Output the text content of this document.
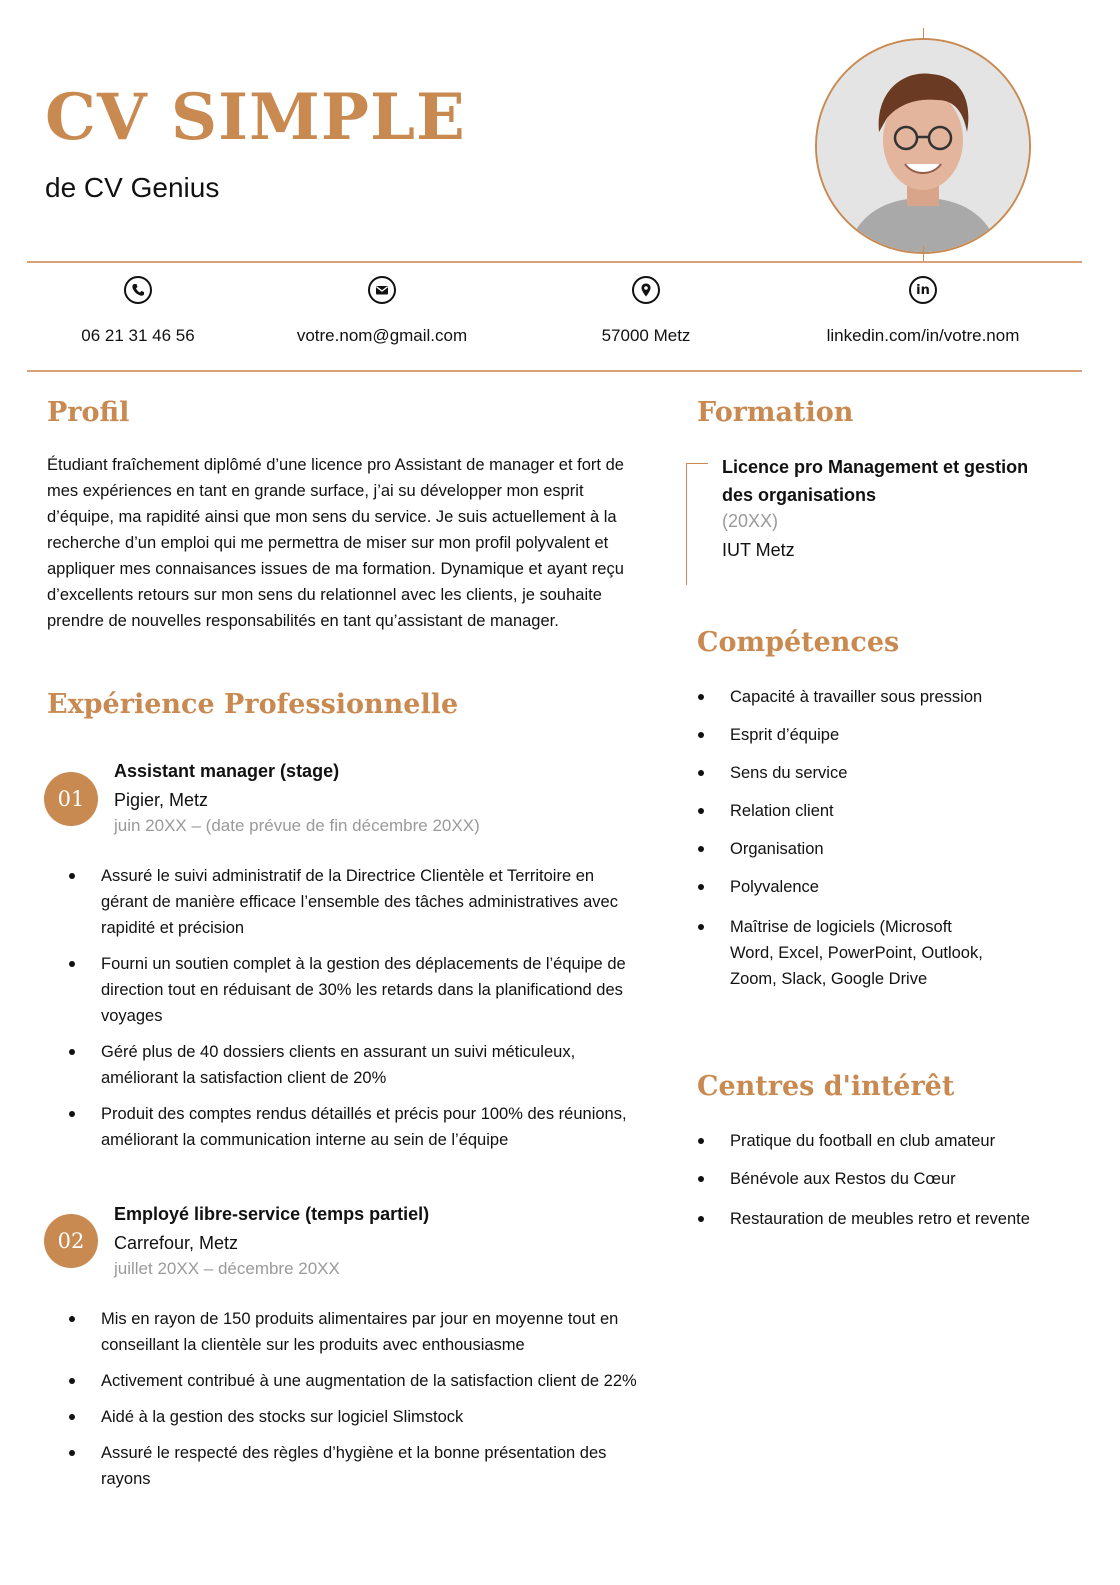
CV SIMPLE
de CV Genius
06 21 31 46 56	votre.nom@gmail.com	57000 Metz
in
linkedin.com/in/votre.nom
Profil

Étudiant fraîchement diplômé d’une licence pro Assistant de manager et fort de mes expériences en tant en grande surface, j’ai su développer mon esprit d’équipe, ma rapidité ainsi que mon sens du service. Je suis actuellement à la recherche d’un emploi qui me permettra de miser sur mon profil polyvalent et appliquer mes connaisances issues de ma formation. Dynamique et ayant reçu d’excellents retours sur mon sens du relationnel avec les clients, je souhaite prendre de nouvelles responsabilités en tant qu’assistant de manager.

Expérience Professionnelle
01
Assistant manager (stage)
Pigier, Metz
juin 20XX – (date prévue de fin décembre 20XX)
Assuré le suivi administratif de la Directrice Clientèle et Territoire en gérant de manière efficace l’ensemble des tâches administratives avec rapidité et précision
Fourni un soutien complet à la gestion des déplacements de l’équipe de direction tout en réduisant de 30% les retards dans la planificationd des voyages
Géré plus de 40 dossiers clients en assurant un suivi méticuleux, améliorant la satisfaction client de 20%
Produit des comptes rendus détaillés et précis pour 100% des réunions, améliorant la communication interne au sein de l’équipe
02
Employé libre-service (temps partiel)
Carrefour, Metz
juillet 20XX – décembre 20XX
Mis en rayon de 150 produits alimentaires par jour en moyenne tout en conseillant la clientèle sur les produits avec enthousiasme
Activement contribué à une augmentation de la satisfaction client de 22%
Aidé à la gestion des stocks sur logiciel Slimstock
Assuré le respecté des règles d’hygiène et la bonne présentation des rayons
Formation
Licence pro Management et gestion des organisations
(20XX)
IUT Metz
Compétences
Capacité à travailler sous pression
Esprit d’équipe
Sens du service
Relation client
Organisation
Polyvalence
Maîtrise de logiciels (Microsoft Word, Excel, PowerPoint, Outlook, Zoom, Slack, Google Drive
Centres d'intérêt
Pratique du football en club amateur
Bénévole aux Restos du Cœur
Restauration de meubles retro et revente
